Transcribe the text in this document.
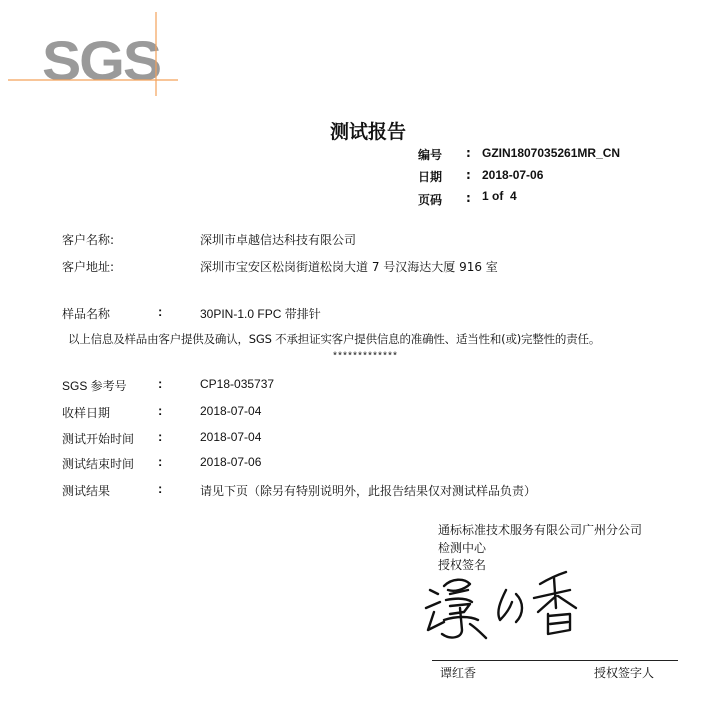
SGS
测试报告
编号 : GZIN1807035261MR_CN
日期 : 2018-07-06
页码 : 1 of  4
客户名称:	深圳市卓越信达科技有限公司
客户地址:	深圳市宝安区松岗街道松岗大道 7 号汉海达大厦 916 室
样品名称	:	30PIN-1.0 FPC 带排针
以上信息及样品由客户提供及确认，SGS 不承担证实客户提供信息的准确性、适当性和(或)完整性的责任。
*************
SGS 参考号 :	CP18-035737
收样日期	:	2018-07-04
测试开始时间 :	2018-07-04
测试结束时间 :	2018-07-06
测试结果	:	请见下页（除另有特别说明外，此报告结果仅对测试样品负责）
通标标准技术服务有限公司广州分公司
检测中心
授权签名
谭红香	授权签字人
